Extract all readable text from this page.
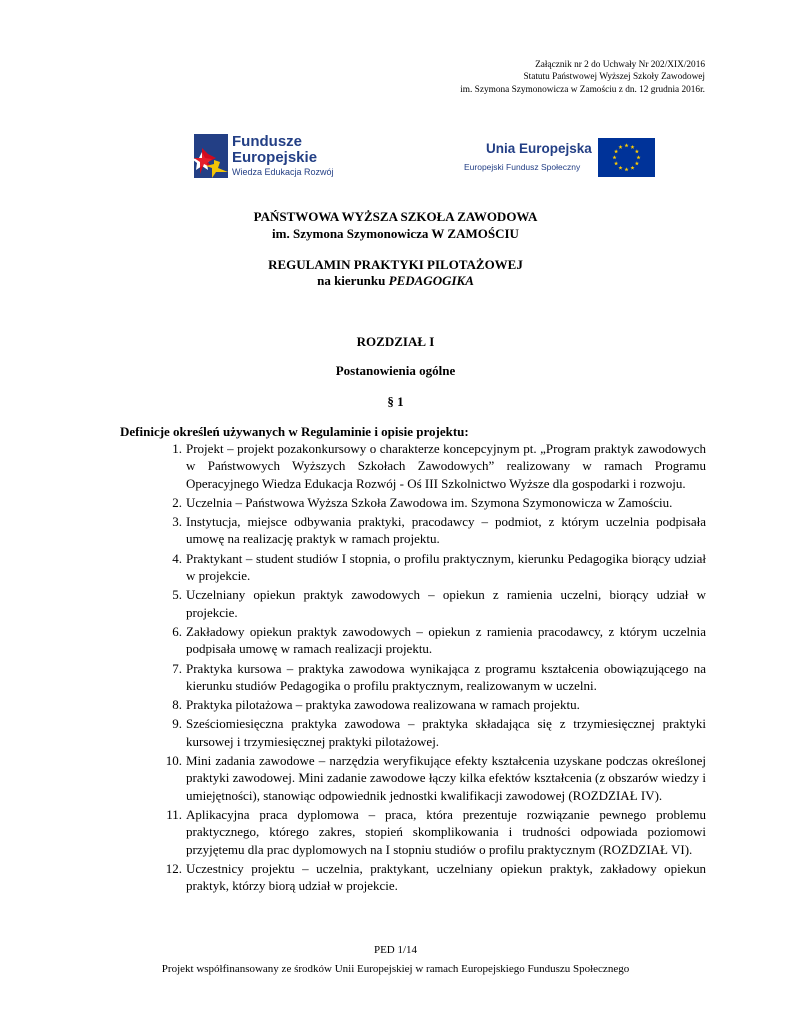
Załącznik nr 2 do Uchwały Nr 202/XIX/2016
Statutu Państwowej Wyższej Szkoły Zawodowej
im. Szymona Szymonowicza w Zamościu z dn. 12 grudnia 2016r.
Fundusze
Europejskie
Wiedza Edukacja Rozwój
Unia Europejska
Europejski Fundusz Społeczny
PAŃSTWOWA WYŻSZA SZKOŁA ZAWODOWA
im. Szymona Szymonowicza W ZAMOŚCIU
REGULAMIN PRAKTYKI PILOTAŻOWEJ
na kierunku PEDAGOGIKA
ROZDZIAŁ I
Postanowienia ogólne
§ 1
Definicje określeń używanych w Regulaminie i opisie projektu:
1. Projekt – projekt pozakonkursowy o charakterze koncepcyjnym pt. „Program praktyk zawodowych w Państwowych Wyższych Szkołach Zawodowych” realizowany w ramach Programu Operacyjnego Wiedza Edukacja Rozwój - Oś III Szkolnictwo Wyższe dla gospodarki i rozwoju.
2. Uczelnia – Państwowa Wyższa Szkoła Zawodowa im. Szymona Szymonowicza w Zamościu.
3. Instytucja, miejsce odbywania praktyki, pracodawcy – podmiot, z którym uczelnia podpisała umowę na realizację praktyk w ramach projektu.
4. Praktykant – student studiów I stopnia, o profilu praktycznym, kierunku Pedagogika biorący udział w projekcie.
5. Uczelniany opiekun praktyk zawodowych – opiekun z ramienia uczelni, biorący udział w projekcie.
6. Zakładowy opiekun praktyk zawodowych – opiekun z ramienia pracodawcy, z którym uczelnia podpisała umowę w ramach realizacji projektu.
7. Praktyka kursowa – praktyka zawodowa wynikająca z programu kształcenia obowiązującego na kierunku studiów Pedagogika o profilu praktycznym, realizowanym w uczelni.
8. Praktyka pilotażowa – praktyka zawodowa realizowana w ramach projektu.
9. Sześciomiesięczna praktyka zawodowa – praktyka składająca się z trzymiesięcznej praktyki kursowej i trzymiesięcznej praktyki pilotażowej.
10. Mini zadania zawodowe – narzędzia weryfikujące efekty kształcenia uzyskane podczas określonej praktyki zawodowej. Mini zadanie zawodowe łączy kilka efektów kształcenia (z obszarów wiedzy i umiejętności), stanowiąc odpowiednik jednostki kwalifikacji zawodowej (ROZDZIAŁ IV).
11. Aplikacyjna praca dyplomowa – praca, która prezentuje rozwiązanie pewnego problemu praktycznego, którego zakres, stopień skomplikowania i trudności odpowiada poziomowi przyjętemu dla prac dyplomowych na I stopniu studiów o profilu praktycznym (ROZDZIAŁ VI).
12. Uczestnicy projektu – uczelnia, praktykant, uczelniany opiekun praktyk, zakładowy opiekun praktyk, którzy biorą udział w projekcie.
PED 1/14
Projekt współfinansowany ze środków Unii Europejskiej w ramach Europejskiego Funduszu Społecznego
